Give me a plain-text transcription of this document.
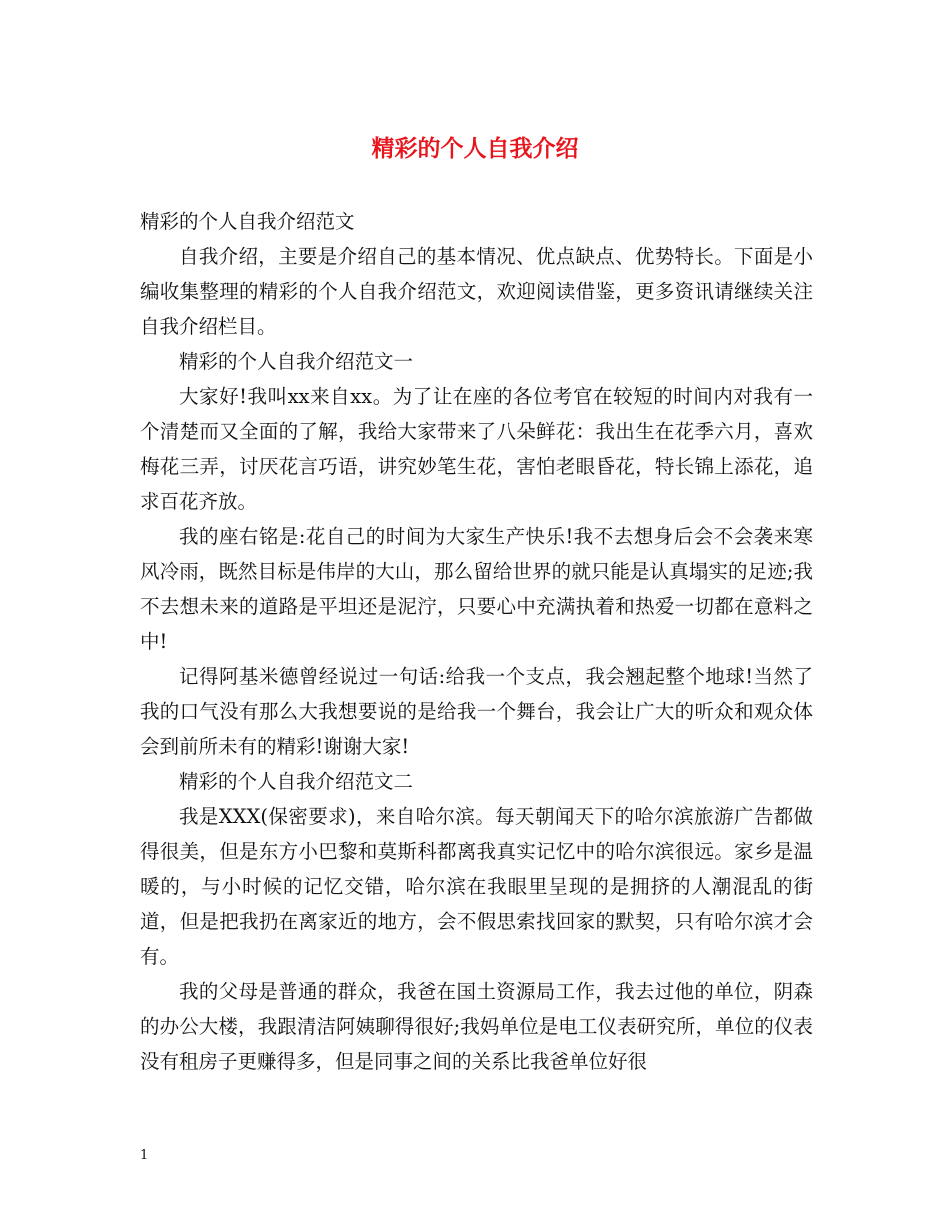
精彩的个人自我介绍

精彩的个人自我介绍范文

自我介绍，主要是介绍自己的基本情况、优点缺点、优势特长。下面是小编收集整理的精彩的个人自我介绍范文，欢迎阅读借鉴，更多资讯请继续关注自我介绍栏目。

精彩的个人自我介绍范文一

大家好!我叫xx来自xx。为了让在座的各位考官在较短的时间内对我有一个清楚而又全面的了解，我给大家带来了八朵鲜花：我出生在花季六月，喜欢梅花三弄，讨厌花言巧语，讲究妙笔生花，害怕老眼昏花，特长锦上添花，追求百花齐放。

我的座右铭是:花自己的时间为大家生产快乐!我不去想身后会不会袭来寒风冷雨，既然目标是伟岸的大山，那么留给世界的就只能是认真塌实的足迹;我不去想未来的道路是平坦还是泥泞，只要心中充满执着和热爱一切都在意料之中!

记得阿基米德曾经说过一句话:给我一个支点，我会翘起整个地球!当然了我的口气没有那么大我想要说的是给我一个舞台，我会让广大的听众和观众体会到前所未有的精彩!谢谢大家!

精彩的个人自我介绍范文二

我是XXX(保密要求)，来自哈尔滨。每天朝闻天下的哈尔滨旅游广告都做得很美，但是东方小巴黎和莫斯科都离我真实记忆中的哈尔滨很远。家乡是温暖的，与小时候的记忆交错，哈尔滨在我眼里呈现的是拥挤的人潮混乱的街道，但是把我扔在离家近的地方，会不假思索找回家的默契，只有哈尔滨才会有。

我的父母是普通的群众，我爸在国土资源局工作，我去过他的单位，阴森的办公大楼，我跟清洁阿姨聊得很好;我妈单位是电工仪表研究所，单位的仪表没有租房子更赚得多，但是同事之间的关系比我爸单位好很

1
